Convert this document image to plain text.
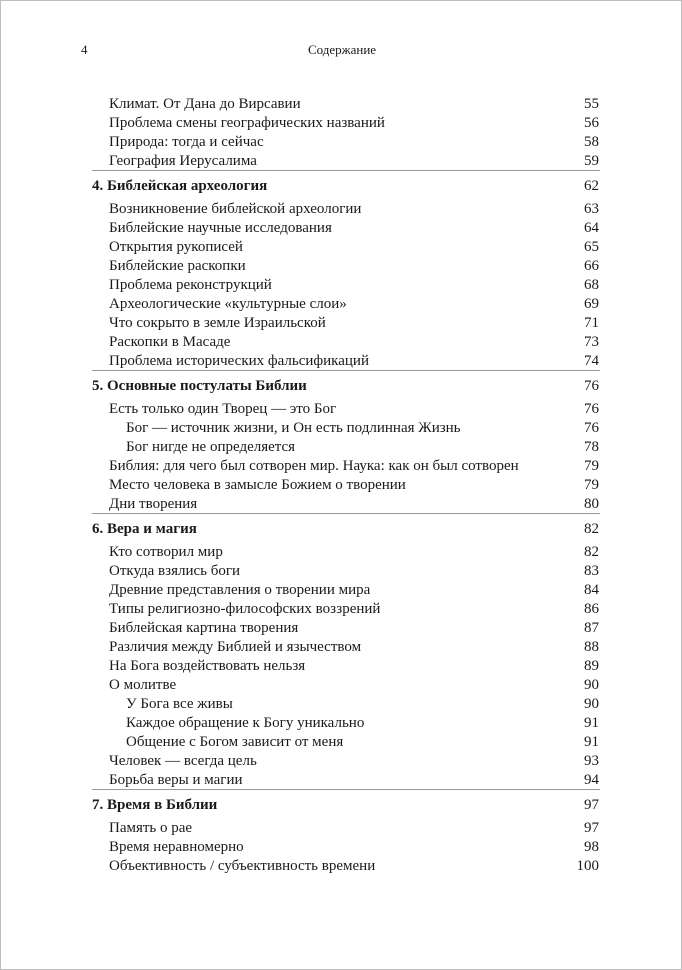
4	Содержание
Климат. От Дана до Вирсавии	55
Проблема смены географических названий	56
Природа: тогда и сейчас	58
География Иерусалима	59
4. Библейская археология	62
Возникновение библейской археологии	63
Библейские научные исследования	64
Открытия рукописей	65
Библейские раскопки	66
Проблема реконструкций	68
Археологические «культурные слои»	69
Что сокрыто в земле Израильской	71
Раскопки в Масаде	73
Проблема исторических фальсификаций	74
5. Основные постулаты Библии	76
Есть только один Творец — это Бог	76
Бог — источник жизни, и Он есть подлинная Жизнь	76
Бог нигде не определяется	78
Библия: для чего был сотворен мир. Наука: как он был сотворен	79
Место человека в замысле Божием о творении	79
Дни творения	80
6. Вера и магия	82
Кто сотворил мир	82
Откуда взялись боги	83
Древние представления о творении мира	84
Типы религиозно-философских воззрений	86
Библейская картина творения	87
Различия между Библией и язычеством	88
На Бога воздействовать нельзя	89
О молитве	90
У Бога все живы	90
Каждое обращение к Богу уникально	91
Общение с Богом зависит от меня	91
Человек — всегда цель	93
Борьба веры и магии	94
7. Время в Библии	97
Память о рае	97
Время неравномерно	98
Объективность / субъективность времени	100
